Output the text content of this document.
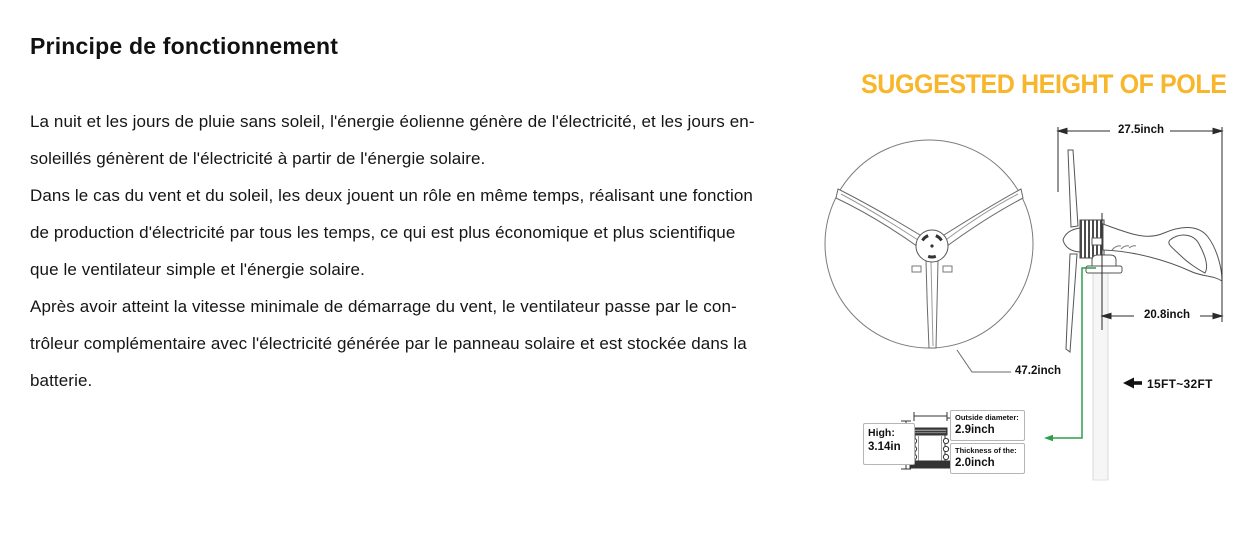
Principe de fonctionnement
La nuit et les jours de pluie sans soleil, l'énergie éolienne génère de l'électricité, et les jours en-
soleillés génèrent de l'électricité à partir de l'énergie solaire.
Dans le cas du vent et du soleil, les deux jouent un rôle en même temps, réalisant une fonction
de production d'électricité par tous les temps, ce qui est plus économique et plus scientifique
que le ventilateur simple et l'énergie solaire.
Après avoir atteint la vitesse minimale de démarrage du vent, le ventilateur passe par le con-
trôleur complémentaire avec l'électricité générée par le panneau solaire et est stockée dans la
batterie.
SUGGESTED HEIGHT OF POLE
27.5inch
20.8inch
47.2inch
15FT~32FT
High:
3.14in
Outside diameter:
2.9inch
Thickness of the:
2.0inch
